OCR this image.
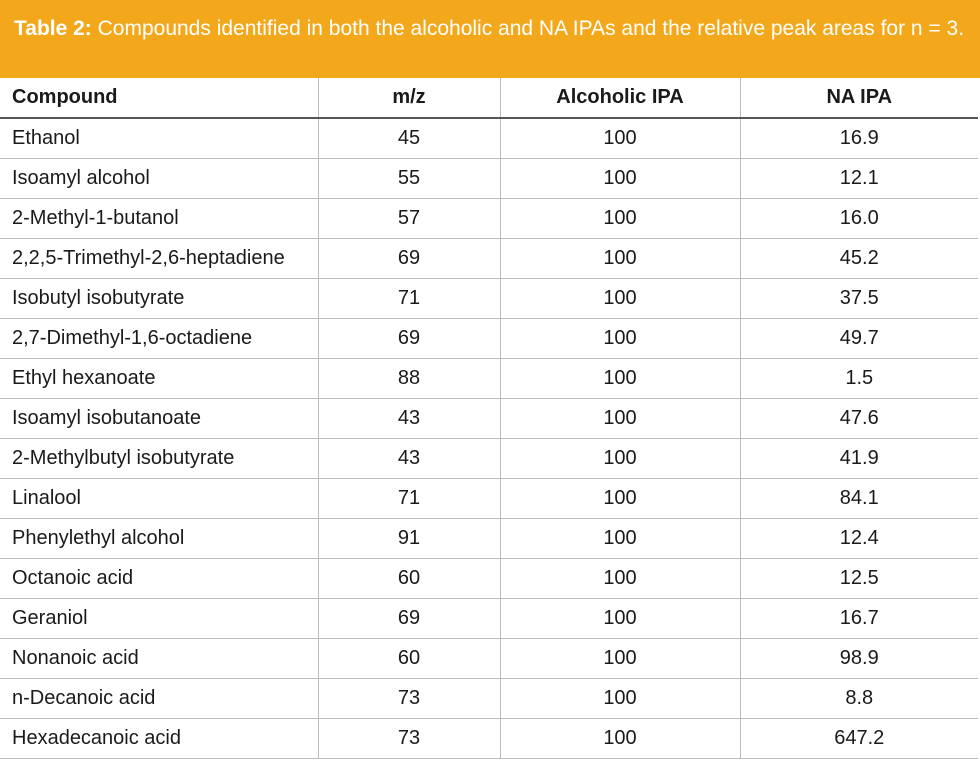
Table 2: Compounds identified in both the alcoholic and NA IPAs and the relative peak areas for n = 3.
Compound	m/z	Alcoholic IPA	NA IPA
Ethanol	45	100	16.9
Isoamyl alcohol	55	100	12.1
2-Methyl-1-butanol	57	100	16.0
2,2,5-Trimethyl-2,6-heptadiene	69	100	45.2
Isobutyl isobutyrate	71	100	37.5
2,7-Dimethyl-1,6-octadiene	69	100	49.7
Ethyl hexanoate	88	100	1.5
Isoamyl isobutanoate	43	100	47.6
2-Methylbutyl isobutyrate	43	100	41.9
Linalool	71	100	84.1
Phenylethyl alcohol	91	100	12.4
Octanoic acid	60	100	12.5
Geraniol	69	100	16.7
Nonanoic acid	60	100	98.9
n-Decanoic acid	73	100	8.8
Hexadecanoic acid	73	100	647.2
